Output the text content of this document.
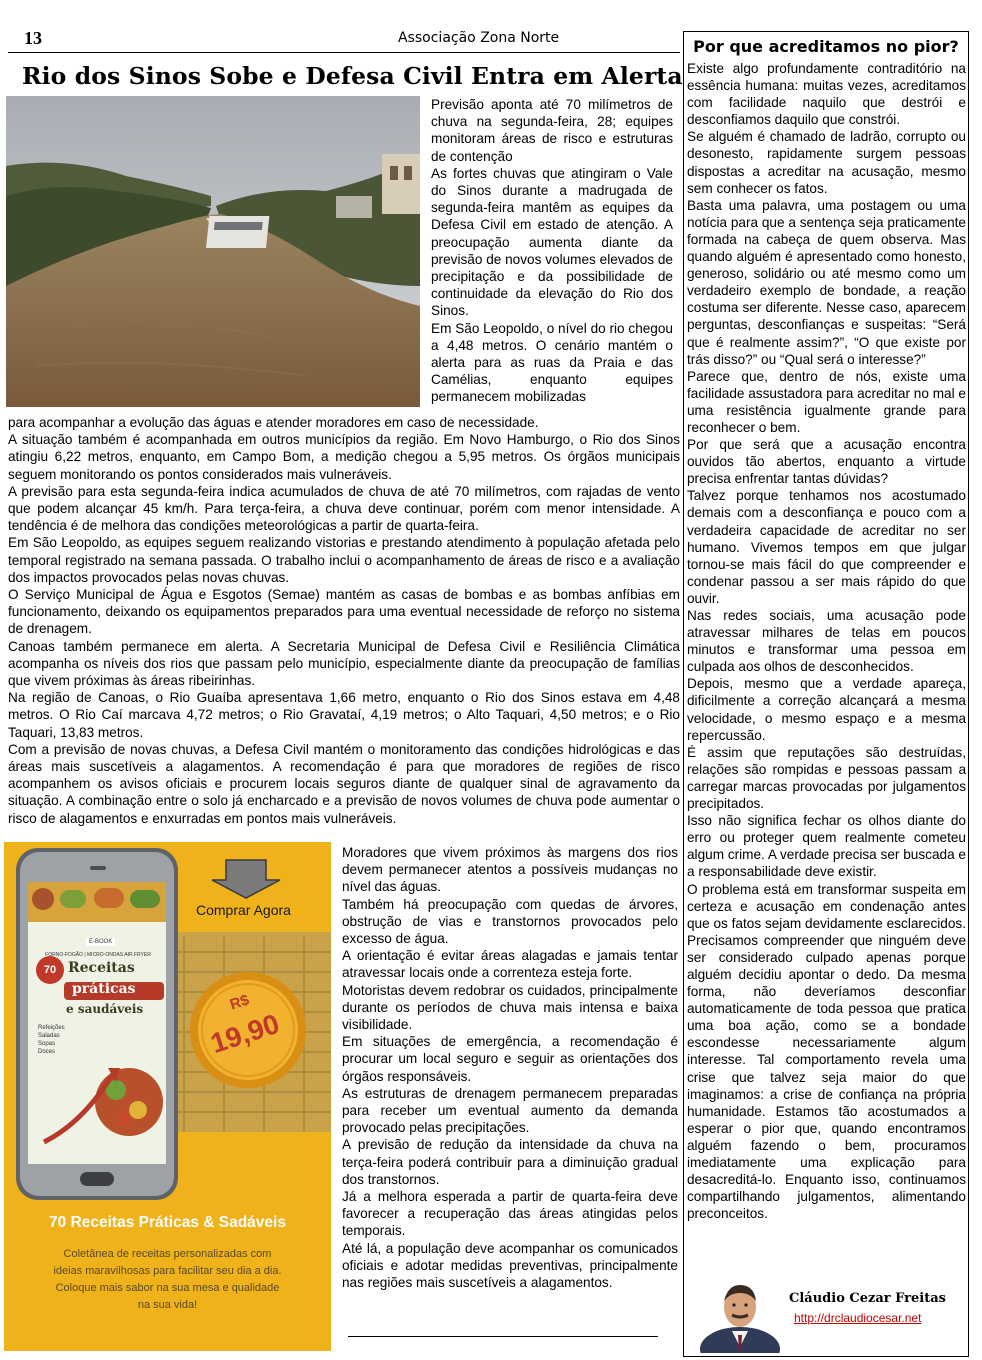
13	Associação Zona Norte
Rio dos Sinos Sobe e Defesa Civil Entra em Alerta

Previsão aponta até 70 milímetros de chuva na segunda-feira, 28; equipes monitoram áreas de risco e estruturas de contenção

As fortes chuvas que atingiram o Vale do Sinos durante a madrugada de segunda-feira mantêm as equipes da Defesa Civil em estado de atenção. A preocupação aumenta diante da previsão de novos volumes elevados de precipitação e da possibilidade de continuidade da elevação do Rio dos Sinos.

Em São Leopoldo, o nível do rio chegou a 4,48 metros. O cenário mantém o alerta para as ruas da Praia e das Camélias, enquanto equipes permanecem mobilizadas

para acompanhar a evolução das águas e atender moradores em caso de necessidade.

A situação também é acompanhada em outros municípios da região. Em Novo Hamburgo, o Rio dos Sinos atingiu 6,22 metros, enquanto, em Campo Bom, a medição chegou a 5,95 metros. Os órgãos municipais seguem monitorando os pontos considerados mais vulneráveis.

A previsão para esta segunda-feira indica acumulados de chuva de até 70 milímetros, com rajadas de vento que podem alcançar 45 km/h. Para terça-feira, a chuva deve continuar, porém com menor intensidade. A tendência é de melhora das condições meteorológicas a partir de quarta-feira.

Em São Leopoldo, as equipes seguem realizando vistorias e prestando atendimento à população afetada pelo temporal registrado na semana passada. O trabalho inclui o acompanhamento de áreas de risco e a avaliação dos impactos provocados pelas novas chuvas.

O Serviço Municipal de Água e Esgotos (Semae) mantém as casas de bombas e as bombas anfíbias em funcionamento, deixando os equipamentos preparados para uma eventual necessidade de reforço no sistema de drenagem.

Canoas também permanece em alerta. A Secretaria Municipal de Defesa Civil e Resiliência Climática acompanha os níveis dos rios que passam pelo município, especialmente diante da preocupação de famílias que vivem próximas às áreas ribeirinhas.

Na região de Canoas, o Rio Guaíba apresentava 1,66 metro, enquanto o Rio dos Sinos estava em 4,48 metros. O Rio Caí marcava 4,72 metros; o Rio Gravataí, 4,19 metros; o Alto Taquari, 4,50 metros; e o Rio Taquari, 13,83 metros.

Com a previsão de novas chuvas, a Defesa Civil mantém o monitoramento das condições hidrológicas e das áreas mais suscetíveis a alagamentos. A recomendação é para que moradores de regiões de risco acompanhem os avisos oficiais e procurem locais seguros diante de qualquer sinal de agravamento da situação. A combinação entre o solo já encharcado e a previsão de novos volumes de chuva pode aumentar o risco de alagamentos e enxurradas em pontos mais vulneráveis.

Comprar Agora
E-BOOK
FORNO-FOGÃO | MICRO-ONDAS AIR FRYER
70 Receitas
práticas
e saudáveis
Refeições
Saladas
Sopas
Doces
R$
19,90
70 Receitas Práticas & Sadáveis
Coletânea de receitas personalizadas com
ideias maravilhosas para facilitar seu dia a dia.
Coloque mais sabor na sua mesa e qualidade
na sua vida!

Moradores que vivem próximos às margens dos rios devem permanecer atentos a possíveis mudanças no nível das águas.

Também há preocupação com quedas de árvores, obstrução de vias e transtornos provocados pelo excesso de água.

A orientação é evitar áreas alagadas e jamais tentar atravessar locais onde a correnteza esteja forte.

Motoristas devem redobrar os cuidados, principalmente durante os períodos de chuva mais intensa e baixa visibilidade.

Em situações de emergência, a recomendação é procurar um local seguro e seguir as orientações dos órgãos responsáveis.

As estruturas de drenagem permanecem preparadas para receber um eventual aumento da demanda provocado pelas precipitações.

A previsão de redução da intensidade da chuva na terça-feira poderá contribuir para a diminuição gradual dos transtornos.

Já a melhora esperada a partir de quarta-feira deve favorecer a recuperação das áreas atingidas pelos temporais.

Até lá, a população deve acompanhar os comunicados oficiais e adotar medidas preventivas, principalmente nas regiões mais suscetíveis a alagamentos.

Por que acreditamos no pior?

Existe algo profundamente contraditório na essência humana: muitas vezes, acreditamos com facilidade naquilo que destrói e desconfiamos daquilo que constrói.

Se alguém é chamado de ladrão, corrupto ou desonesto, rapidamente surgem pessoas dispostas a acreditar na acusação, mesmo sem conhecer os fatos.

Basta uma palavra, uma postagem ou uma notícia para que a sentença seja praticamente formada na cabeça de quem observa. Mas quando alguém é apresentado como honesto, generoso, solidário ou até mesmo como um verdadeiro exemplo de bondade, a reação costuma ser diferente. Nesse caso, aparecem perguntas, desconfianças e suspeitas: “Será que é realmente assim?”, “O que existe por trás disso?” ou “Qual será o interesse?”

Parece que, dentro de nós, existe uma facilidade assustadora para acreditar no mal e uma resistência igualmente grande para reconhecer o bem.

Por que será que a acusação encontra ouvidos tão abertos, enquanto a virtude precisa enfrentar tantas dúvidas?

Talvez porque tenhamos nos acostumado demais com a desconfiança e pouco com a verdadeira capacidade de acreditar no ser humano. Vivemos tempos em que julgar tornou-se mais fácil do que compreender e condenar passou a ser mais rápido do que ouvir.

Nas redes sociais, uma acusação pode atravessar milhares de telas em poucos minutos e transformar uma pessoa em culpada aos olhos de desconhecidos.

Depois, mesmo que a verdade apareça, dificilmente a correção alcançará a mesma velocidade, o mesmo espaço e a mesma repercussão.

É assim que reputações são destruídas, relações são rompidas e pessoas passam a carregar marcas provocadas por julgamentos precipitados.

Isso não significa fechar os olhos diante do erro ou proteger quem realmente cometeu algum crime. A verdade precisa ser buscada e a responsabilidade deve existir.

O problema está em transformar suspeita em certeza e acusação em condenação antes que os fatos sejam devidamente esclarecidos. Precisamos compreender que ninguém deve ser considerado culpado apenas porque alguém decidiu apontar o dedo. Da mesma forma, não deveríamos desconfiar automaticamente de toda pessoa que pratica uma boa ação, como se a bondade escondesse necessariamente algum interesse. Tal comportamento revela uma crise que talvez seja maior do que imaginamos: a crise de confiança na própria humanidade. Estamos tão acostumados a esperar o pior que, quando encontramos alguém fazendo o bem, procuramos imediatamente uma explicação para desacreditá-lo. Enquanto isso, continuamos compartilhando julgamentos, alimentando preconceitos.

Cláudio Cezar Freitas
http://drclaudiocesar.net
